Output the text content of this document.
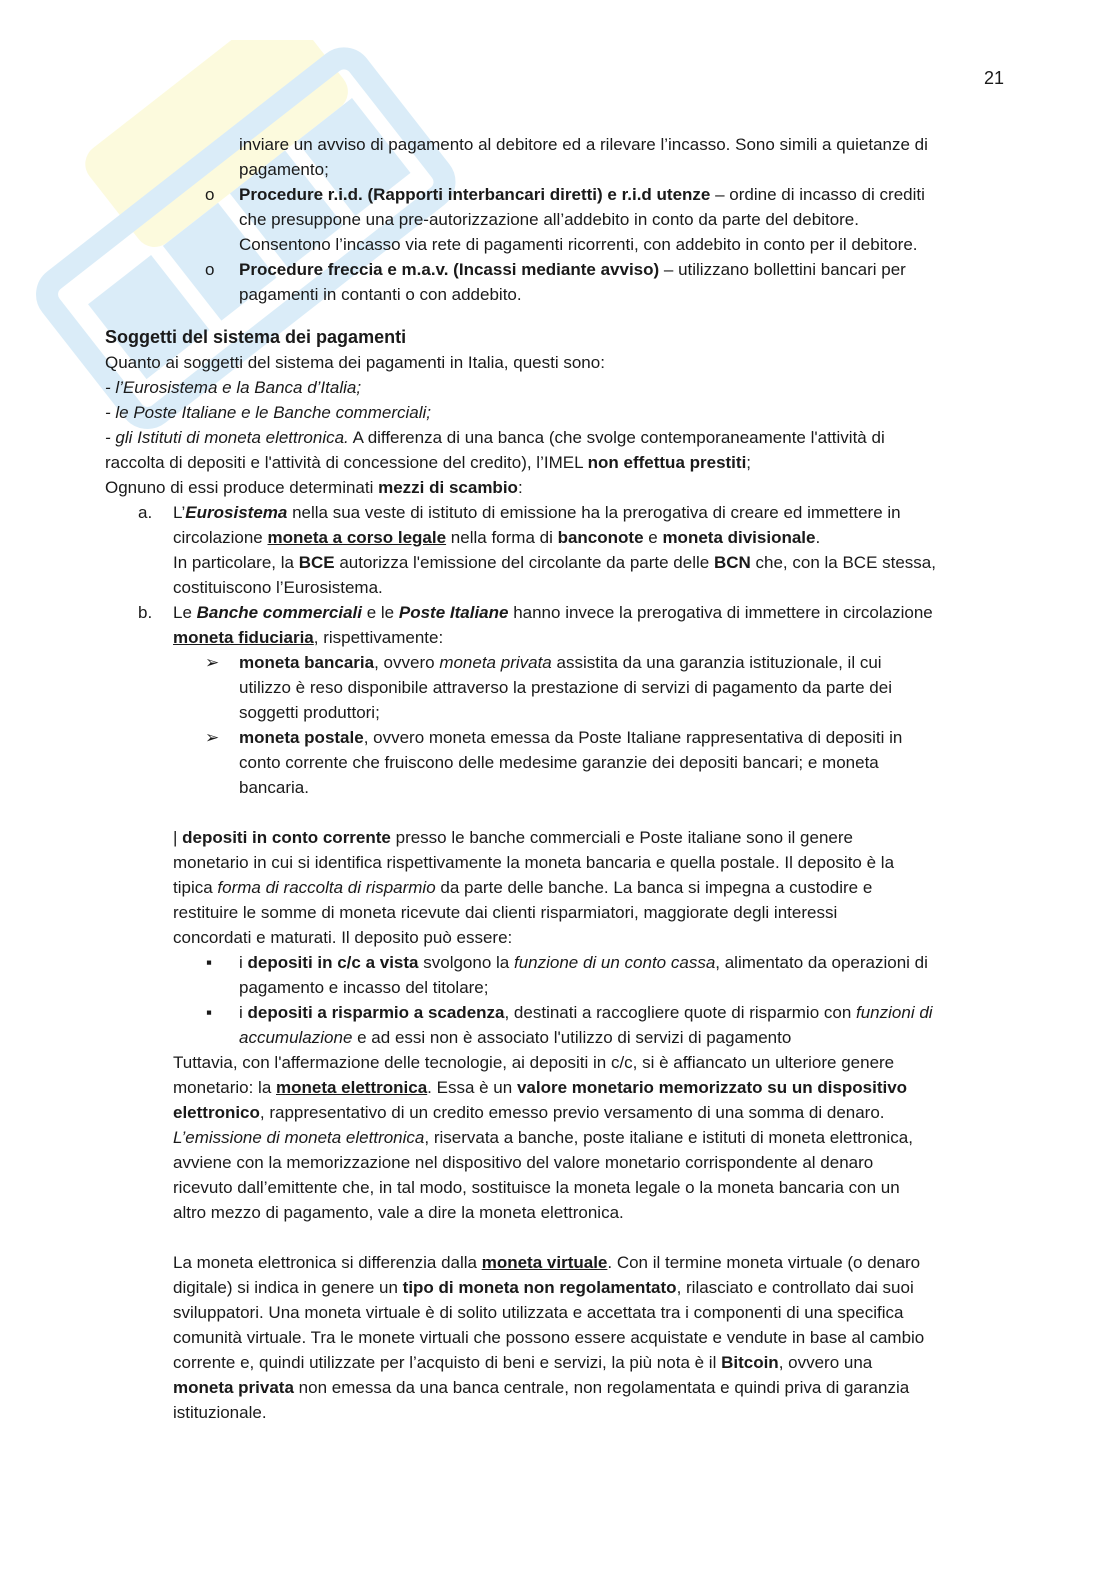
21
inviare un avviso di pagamento al debitore ed a rilevare l’incasso. Sono simili a quietanze di
pagamento;
o Procedure r.i.d. (Rapporti interbancari diretti) e r.i.d utenze – ordine di incasso di crediti
che presuppone una pre-autorizzazione all’addebito in conto da parte del debitore.
Consentono l’incasso via rete di pagamenti ricorrenti, con addebito in conto per il debitore.
o Procedure freccia e m.a.v. (Incassi mediante avviso) – utilizzano bollettini bancari per
pagamenti in contanti o con addebito.
Soggetti del sistema dei pagamenti
Quanto ai soggetti del sistema dei pagamenti in Italia, questi sono:
- l’Eurosistema e la Banca d’Italia;
- le Poste Italiane e le Banche commerciali;
- gli Istituti di moneta elettronica. A differenza di una banca (che svolge contemporaneamente l'attività di
raccolta di depositi e l'attività di concessione del credito), l’IMEL non effettua prestiti;
Ognuno di essi produce determinati mezzi di scambio:
a. L’Eurosistema nella sua veste di istituto di emissione ha la prerogativa di creare ed immettere in
circolazione moneta a corso legale nella forma di banconote e moneta divisionale.
In particolare, la BCE autorizza l'emissione del circolante da parte delle BCN che, con la BCE stessa,
costituiscono l’Eurosistema.
b. Le Banche commerciali e le Poste Italiane hanno invece la prerogativa di immettere in circolazione
moneta fiduciaria, rispettivamente:
➢ moneta bancaria, ovvero moneta privata assistita da una garanzia istituzionale, il cui
utilizzo è reso disponibile attraverso la prestazione di servizi di pagamento da parte dei
soggetti produttori;
➢ moneta postale, ovvero moneta emessa da Poste Italiane rappresentativa di depositi in
conto corrente che fruiscono delle medesime garanzie dei depositi bancari; e moneta
bancaria.
| depositi in conto corrente presso le banche commerciali e Poste italiane sono il genere
monetario in cui si identifica rispettivamente la moneta bancaria e quella postale. Il deposito è la
tipica forma di raccolta di risparmio da parte delle banche. La banca si impegna a custodire e
restituire le somme di moneta ricevute dai clienti risparmiatori, maggiorate degli interessi
concordati e maturati. Il deposito può essere:
▪ i depositi in c/c a vista svolgono la funzione di un conto cassa, alimentato da operazioni di
pagamento e incasso del titolare;
▪ i depositi a risparmio a scadenza, destinati a raccogliere quote di risparmio con funzioni di
accumulazione e ad essi non è associato l'utilizzo di servizi di pagamento
Tuttavia, con l'affermazione delle tecnologie, ai depositi in c/c, si è affiancato un ulteriore genere
monetario: la moneta elettronica. Essa è un valore monetario memorizzato su un dispositivo
elettronico, rappresentativo di un credito emesso previo versamento di una somma di denaro.
L’emissione di moneta elettronica, riservata a banche, poste italiane e istituti di moneta elettronica,
avviene con la memorizzazione nel dispositivo del valore monetario corrispondente al denaro
ricevuto dall’emittente che, in tal modo, sostituisce la moneta legale o la moneta bancaria con un
altro mezzo di pagamento, vale a dire la moneta elettronica.
La moneta elettronica si differenzia dalla moneta virtuale. Con il termine moneta virtuale (o denaro
digitale) si indica in genere un tipo di moneta non regolamentato, rilasciato e controllato dai suoi
sviluppatori. Una moneta virtuale è di solito utilizzata e accettata tra i componenti di una specifica
comunità virtuale. Tra le monete virtuali che possono essere acquistate e vendute in base al cambio
corrente e, quindi utilizzate per l’acquisto di beni e servizi, la più nota è il Bitcoin, ovvero una
moneta privata non emessa da una banca centrale, non regolamentata e quindi priva di garanzia
istituzionale.
